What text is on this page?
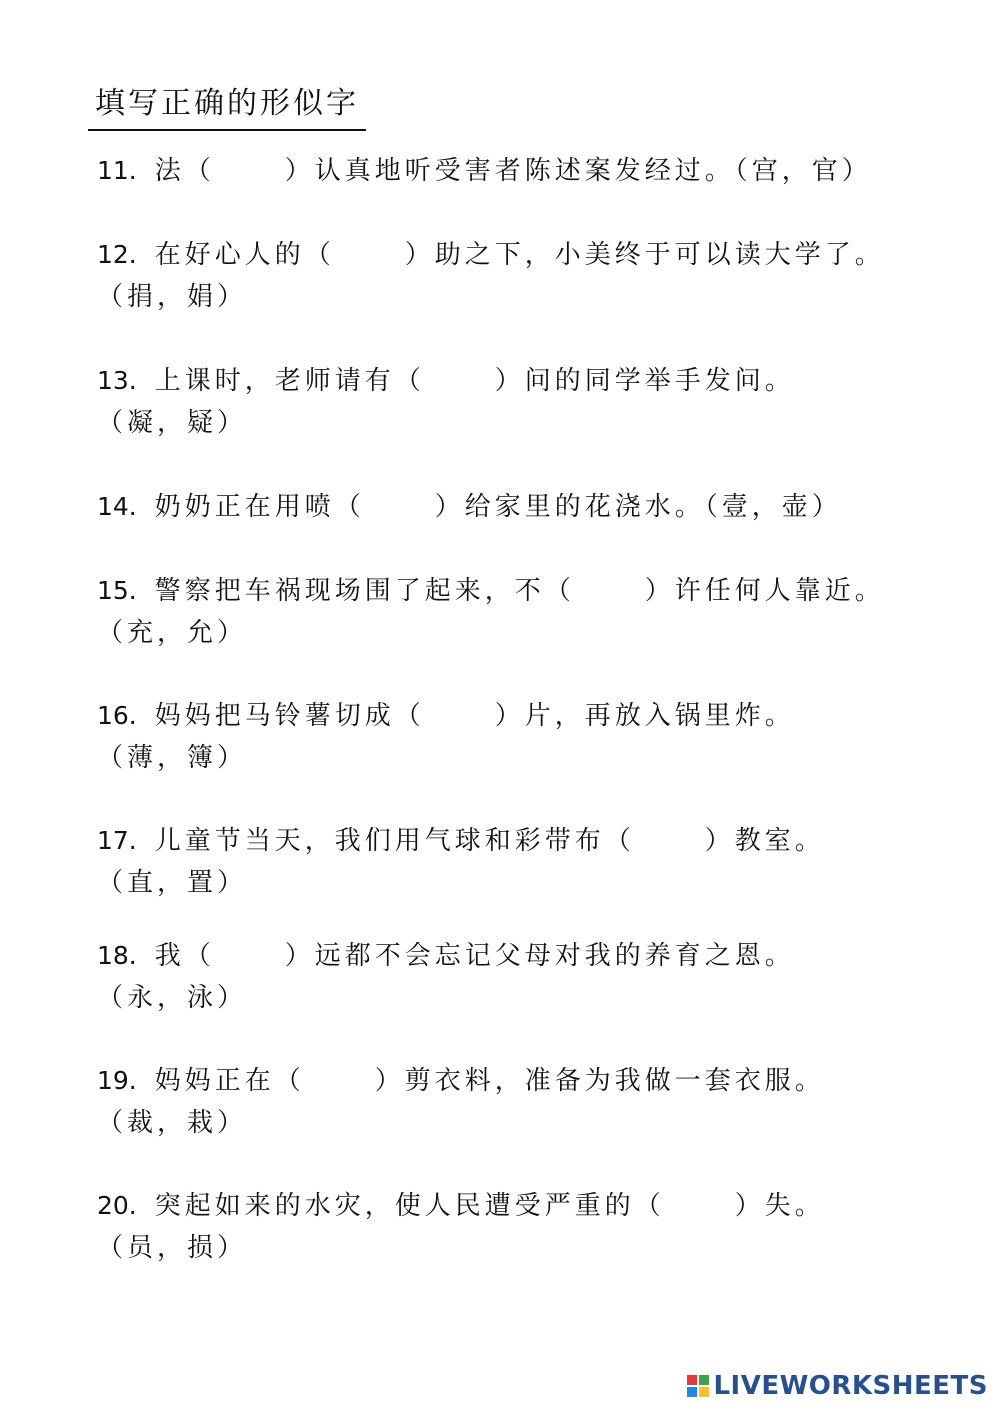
填写正确的形似字
11. 法（	）认真地听受害者陈述案发经过。（宫，官）
12. 在好心人的（	）助之下，小美终于可以读大学了。
（捐，娟）
13. 上课时，老师请有（	）问的同学举手发问。
（凝，疑）
14. 奶奶正在用喷（	）给家里的花浇水。（壹，壶）
15. 警察把车祸现场围了起来，不（	）许任何人靠近。
（充，允）
16. 妈妈把马铃薯切成（	）片，再放入锅里炸。
（薄，簿）
17. 儿童节当天，我们用气球和彩带布（	）教室。
（直，置）
18. 我（	）远都不会忘记父母对我的养育之恩。
（永，泳）
19. 妈妈正在（	）剪衣料，准备为我做一套衣服。
（裁，栽）
20. 突起如来的水灾，使人民遭受严重的（	）失。
（员，损）
LIVEWORKSHEETS
